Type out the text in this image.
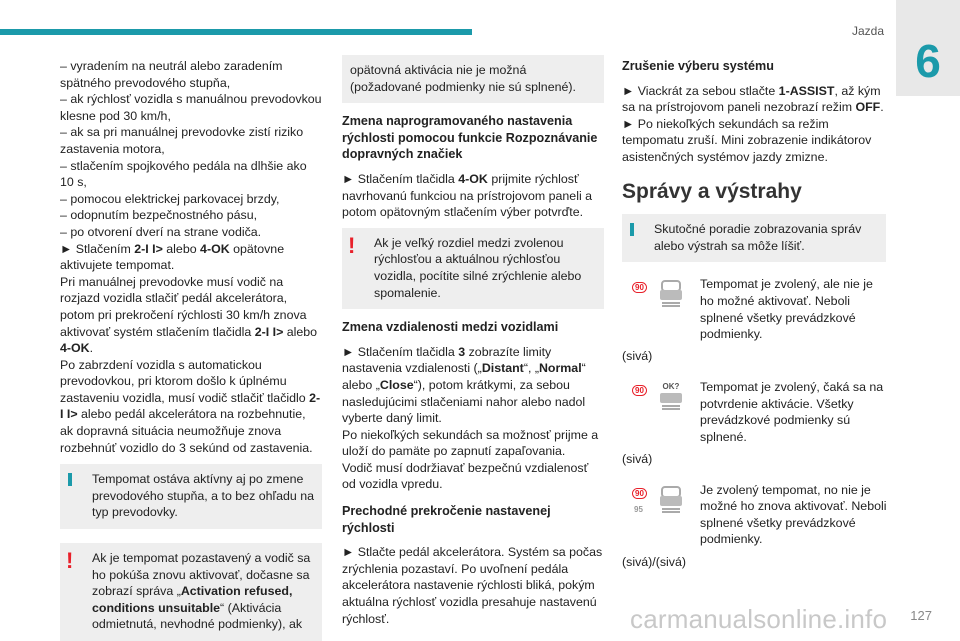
Jazda
6

– vyradením na neutrál alebo zaradením spätného prevodového stupňa,

– ak rýchlosť vozidla s manuálnou prevodovkou klesne pod 30 km/h,

– ak sa pri manuálnej prevodovke zistí riziko zastavenia motora,

– stlačením spojkového pedála na dlhšie ako 10 s,

– pomocou elektrickej parkovacej brzdy,

– odopnutím bezpečnostného pásu,

– po otvorení dverí na strane vodiča.

► Stlačením 2-I I> alebo 4-OK opätovne aktivujete tempomat.

Pri manuálnej prevodovke musí vodič na rozjazd vozidla stlačiť pedál akcelerátora, potom pri prekročení rýchlosti 30 km/h znova aktivovať systém stlačením tlačidla 2-I I> alebo 4-OK.

Po zabrzdení vozidla s automatickou prevodovkou, pri ktorom došlo k úplnému zastaveniu vozidla, musí vodič stlačiť tlačidlo 2-I I> alebo pedál akcelerátora na rozbehnutie, ak dopravná situácia neumožňuje znova rozbehnúť vozidlo do 3 sekúnd od zastavenia.

Tempomat ostáva aktívny aj po zmene prevodového stupňa, a to bez ohľadu na typ prevodovky.

!	Ak je tempomat pozastavený a vodič sa ho pokúša znovu aktivovať, dočasne sa zobrazí správa „Activation refused, conditions unsuitable“ (Aktivácia odmietnutá, nevhodné podmienky), ak

opätovná aktivácia nie je možná (požadované podmienky nie sú splnené).

Zmena naprogramovaného nastavenia rýchlosti pomocou funkcie Rozpoznávanie dopravných značiek

► Stlačením tlačidla 4-OK prijmite rýchlosť navrhovanú funkciou na prístrojovom paneli a potom opätovným stlačením výber potvrďte.

!	Ak je veľký rozdiel medzi zvolenou rýchlosťou a aktuálnou rýchlosťou vozidla, pocítite silné zrýchlenie alebo spomalenie.

Zmena vzdialenosti medzi vozidlami

► Stlačením tlačidla 3 zobrazíte limity nastavenia vzdialenosti („Distant“, „Normal“ alebo „Close“), potom krátkymi, za sebou nasledujúcimi stlačeniami nahor alebo nadol vyberte daný limit.

Po niekoľkých sekundách sa možnosť prijme a uloží do pamäte po zapnutí zapaľovania.

Vodič musí dodržiavať bezpečnú vzdialenosť od vozidla vpredu.

Prechodné prekročenie nastavenej rýchlosti

► Stlačte pedál akcelerátora. Systém sa počas zrýchlenia pozastaví. Po uvoľnení pedála akcelerátora nastavenie rýchlosti bliká, pokým aktuálna rýchlosť vozidla presahuje nastavenú rýchlosť.

Zrušenie výberu systému

► Viackrát za sebou stlačte 1-ASSIST, až kým sa na prístrojovom paneli nezobrazí režim OFF.

► Po niekoľkých sekundách sa režim tempomatu zruší. Mini zobrazenie indikátorov asistenčných systémov jazdy zmizne.

Správy a výstrahy

Skutočné poradie zobrazovania správ alebo výstrah sa môže líšiť.

90	Tempomat je zvolený, ale nie je ho možné aktivovať. Neboli splnené všetky prevádzkové podmienky.

(sivá)

90	OK? Tempomat je zvolený, čaká sa na potvrdenie aktivácie. Všetky prevádzkové podmienky sú splnené.

(sivá)

90
95

Je zvolený tempomat, no nie je možné ho znova aktivovať. Neboli splnené všetky prevádzkové podmienky.

(sivá)/(sivá)

carmanualsonline.info 127
